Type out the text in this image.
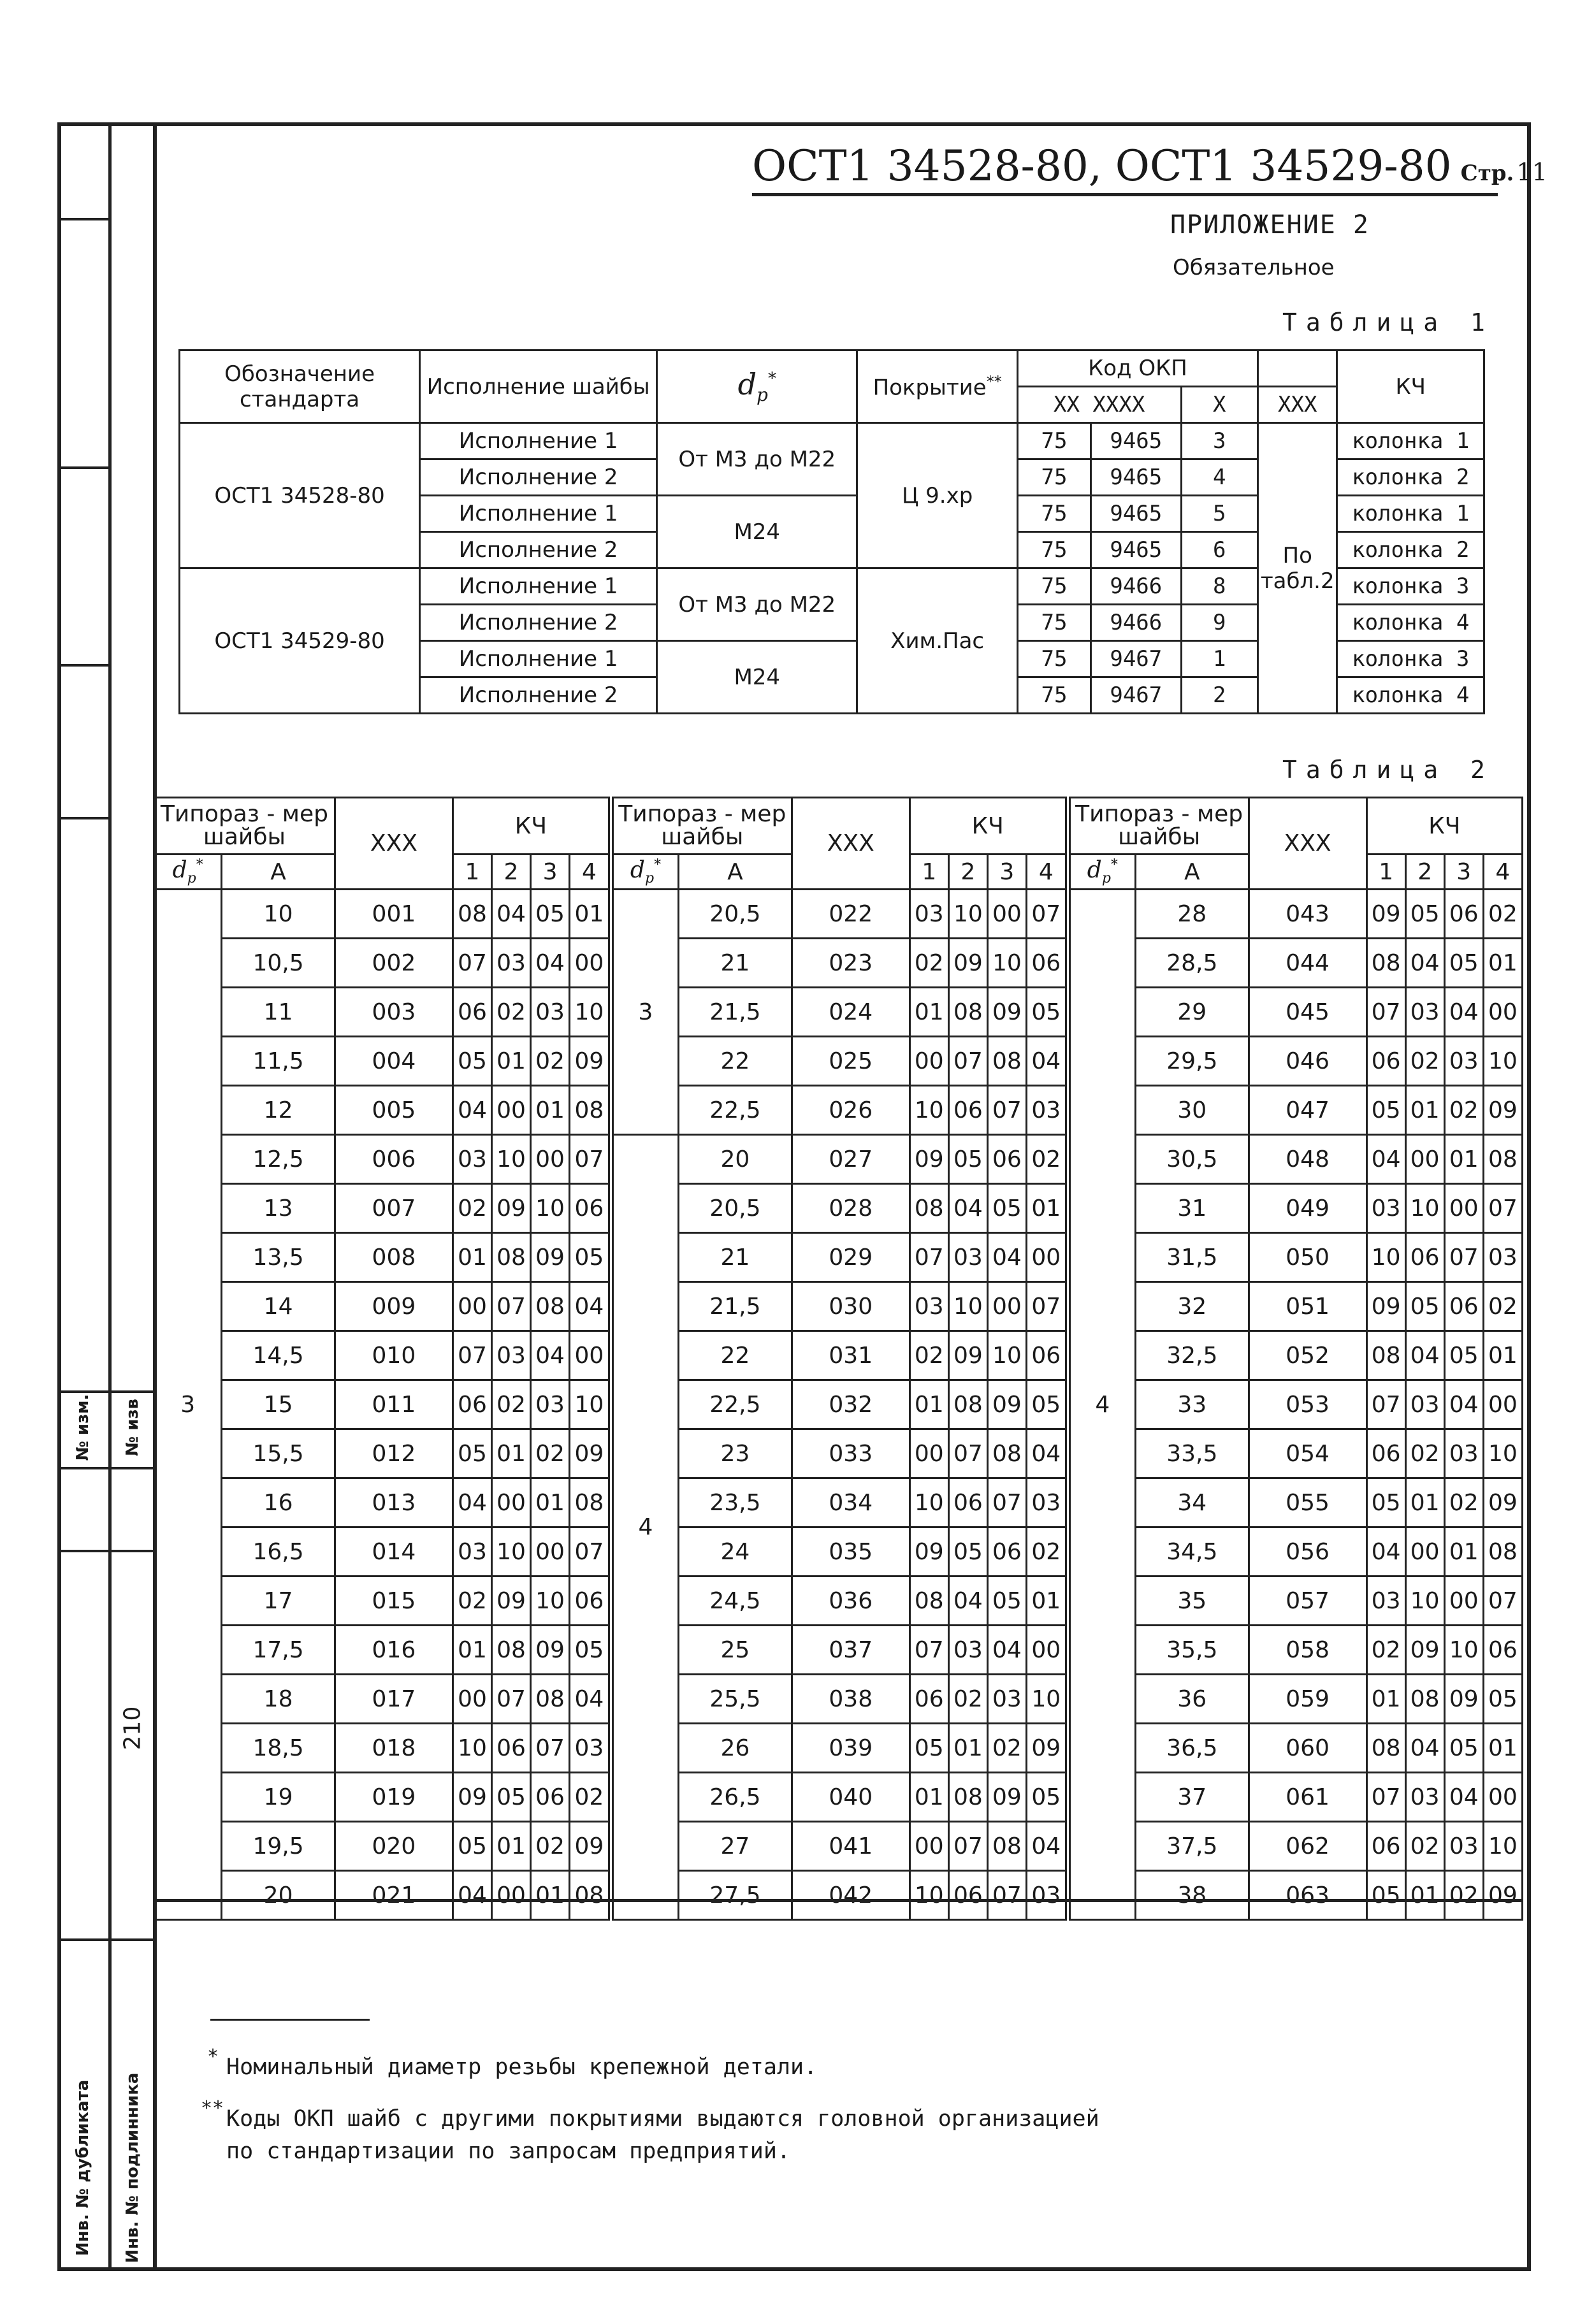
№ изм.
Инв. № дубликата
№ изв
210
Инв. № подлинника
ОСТ1 34528-80, ОСТ1 34529-80 Стр. 11
ПРИЛОЖЕНИЕ 2
Обязательное
Таблица 1
Обозначение стандарта	Исполнение шайбы	$d_р^*$	Покрытие**	Код ОКП				КЧ
				XX XXXX		X	XXX	
ОСТ1 34528-80	Исполнение 1	От М3 до М22	Ц 9.хр	75	9465	3	По табл.2	колонка 1
	Исполнение 2			75	9465	4		колонка 2
	Исполнение 1	М24		75	9465	5		колонка 1
	Исполнение 2			75	9465	6		колонка 2
ОСТ1 34529-80	Исполнение 1	От М3 до М22	Хим.Пас	75	9466	8		колонка 3
	Исполнение 2			75	9466	9		колонка 4
	Исполнение 1	М24		75	9467	1		колонка 3
	Исполнение 2			75	9467	2		колонка 4
Таблица 2
Типораз - мер шайбы		XXX	КЧ				Типораз - мер шайбы		XXX	КЧ				Типораз - мер шайбы		XXX	КЧ			
$d_р^*$	А		1	2	3	4	$d_р^*$	А		1	2	3	4	$d_р^*$	А		1	2	3	4
3	10	001	08	04	05	01	3	20,5	022	03	10	00	07	4	28	043	09	05	06	02
	10,5	002	07	03	04	00		21	023	02	09	10	06		28,5	044	08	04	05	01
	11	003	06	02	03	10		21,5	024	01	08	09	05		29	045	07	03	04	00
	11,5	004	05	01	02	09		22	025	00	07	08	04		29,5	046	06	02	03	10
	12	005	04	00	01	08		22,5	026	10	06	07	03		30	047	05	01	02	09
	12,5	006	03	10	00	07	4	20	027	09	05	06	02		30,5	048	04	00	01	08
	13	007	02	09	10	06		20,5	028	08	04	05	01		31	049	03	10	00	07
	13,5	008	01	08	09	05		21	029	07	03	04	00		31,5	050	10	06	07	03
	14	009	00	07	08	04		21,5	030	03	10	00	07		32	051	09	05	06	02
	14,5	010	07	03	04	00		22	031	02	09	10	06		32,5	052	08	04	05	01
	15	011	06	02	03	10		22,5	032	01	08	09	05		33	053	07	03	04	00
	15,5	012	05	01	02	09		23	033	00	07	08	04		33,5	054	06	02	03	10
	16	013	04	00	01	08		23,5	034	10	06	07	03		34	055	05	01	02	09
	16,5	014	03	10	00	07		24	035	09	05	06	02		34,5	056	04	00	01	08
	17	015	02	09	10	06		24,5	036	08	04	05	01		35	057	03	10	00	07
	17,5	016	01	08	09	05		25	037	07	03	04	00		35,5	058	02	09	10	06
	18	017	00	07	08	04		25,5	038	06	02	03	10		36	059	01	08	09	05
	18,5	018	10	06	07	03		26	039	05	01	02	09		36,5	060	08	04	05	01
	19	019	09	05	06	02		26,5	040	01	08	09	05		37	061	07	03	04	00
	19,5	020	05	01	02	09		27	041	00	07	08	04		37,5	062	06	02	03	10
	20	021	04	00	01	08		27,5	042	10	06	07	03		38	063	05	01	02	09
* Номинальный диаметр резьбы крепежной детали.
** Коды ОКП шайб с другими покрытиями выдаются головной организацией
по стандартизации по запросам предприятий.
